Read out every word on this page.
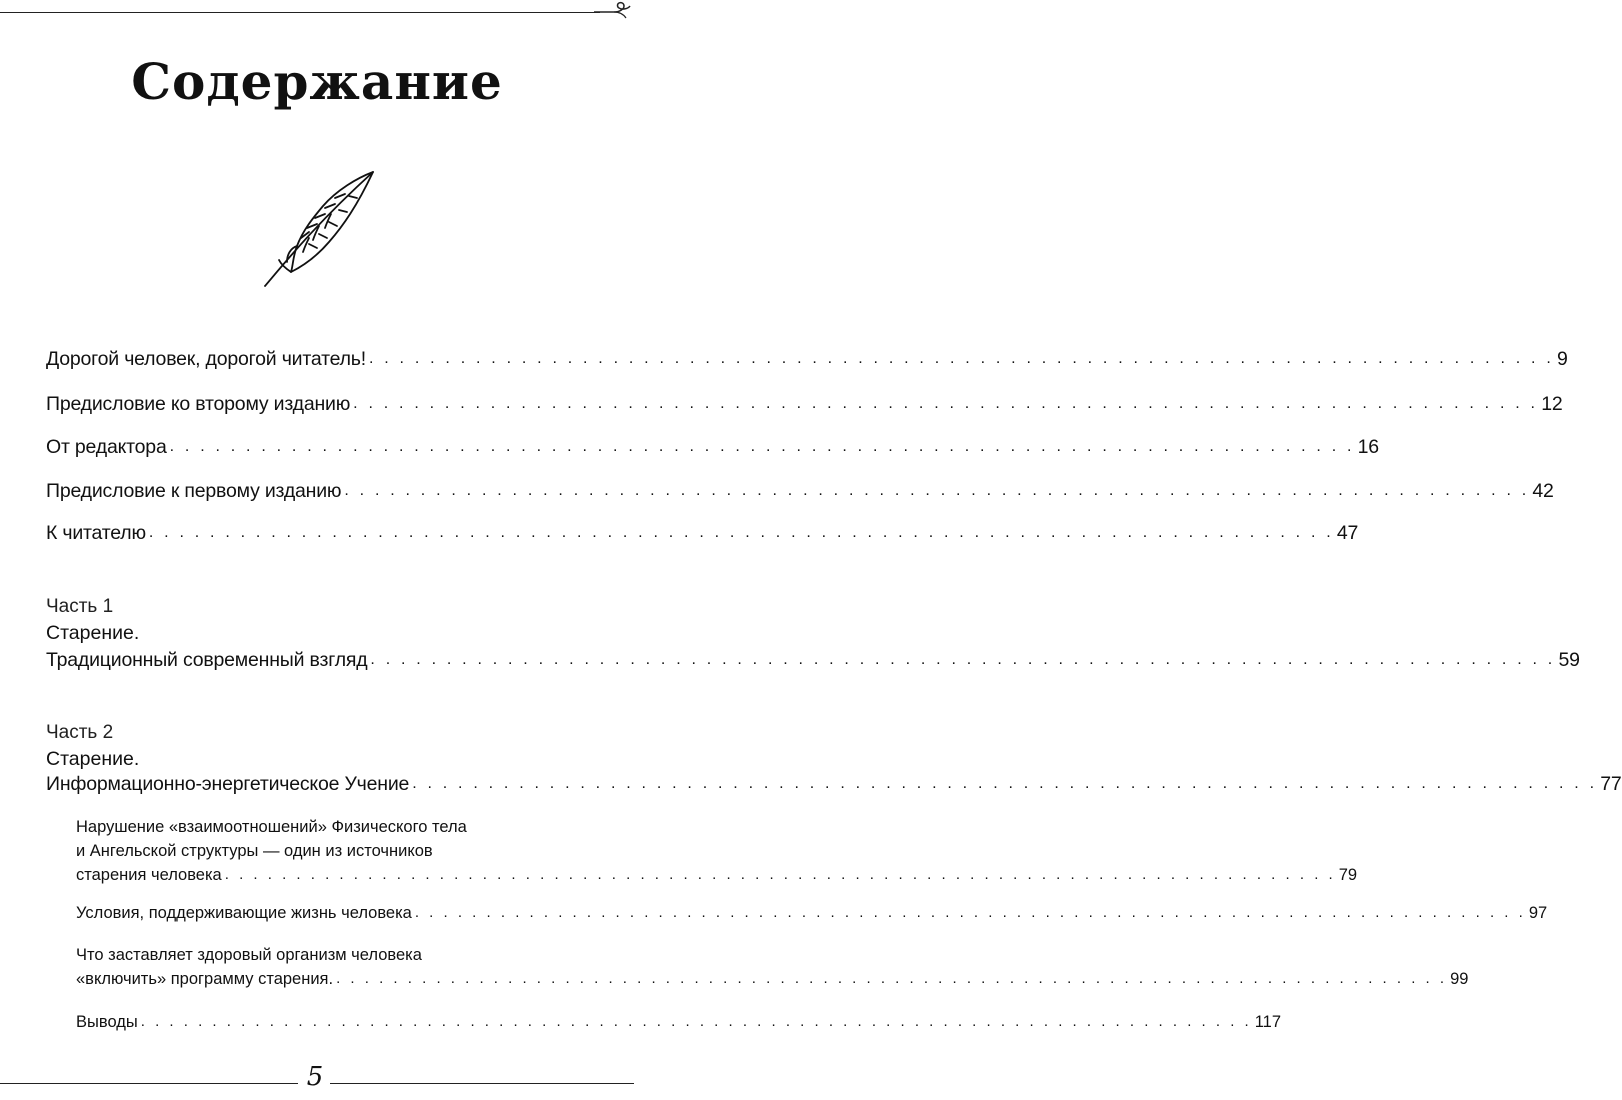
Содержание
Дорогой человек, дорогой читатель! . . . . . . . . . . . . . . . . . . . . . . . . . . . . . . . . . . . . . . . . . . . . . . . . . . . . . . . . . . . . . . . . . . . . . . . . . . . . . . 9
Предисловие ко второму изданию . . . . . . . . . . . . . . . . . . . . . . . . . . . . . . . . . . . . . . . . . . . . . . . . . . . . . . . . . . . . . . . . . . . . . . . . . . . . . . 12
От редактора . . . . . . . . . . . . . . . . . . . . . . . . . . . . . . . . . . . . . . . . . . . . . . . . . . . . . . . . . . . . . . . . . . . . . . . . . . . . . . 16
Предисловие к первому изданию . . . . . . . . . . . . . . . . . . . . . . . . . . . . . . . . . . . . . . . . . . . . . . . . . . . . . . . . . . . . . . . . . . . . . . . . . . . . . . 42
К читателю . . . . . . . . . . . . . . . . . . . . . . . . . . . . . . . . . . . . . . . . . . . . . . . . . . . . . . . . . . . . . . . . . . . . . . . . . . . . . . 47
Часть 1
Старение.
Традиционный современный взгляд . . . . . . . . . . . . . . . . . . . . . . . . . . . . . . . . . . . . . . . . . . . . . . . . . . . . . . . . . . . . . . . . . . . . . . . . . . . . . . 59
Часть 2
Старение.
Информационно-энергетическое Учение . . . . . . . . . . . . . . . . . . . . . . . . . . . . . . . . . . . . . . . . . . . . . . . . . . . . . . . . . . . . . . . . . . . . . . . . . . . . . . 77
Нарушение «взаимоотношений» Физического тела
и Ангельской структуры — один из источников
старения человека . . . . . . . . . . . . . . . . . . . . . . . . . . . . . . . . . . . . . . . . . . . . . . . . . . . . . . . . . . . . . . . . . . . . . . . . . . . . . . 79
Условия, поддерживающие жизнь человека . . . . . . . . . . . . . . . . . . . . . . . . . . . . . . . . . . . . . . . . . . . . . . . . . . . . . . . . . . . . . . . . . . . . . . . . . . . . . . 97
Что заставляет здоровый организм человека
«включить» программу старения. . . . . . . . . . . . . . . . . . . . . . . . . . . . . . . . . . . . . . . . . . . . . . . . . . . . . . . . . . . . . . . . . . . . . . . . . . . . . . . 99
Выводы . . . . . . . . . . . . . . . . . . . . . . . . . . . . . . . . . . . . . . . . . . . . . . . . . . . . . . . . . . . . . . . . . . . . . . . . . . . . . . 117
5
